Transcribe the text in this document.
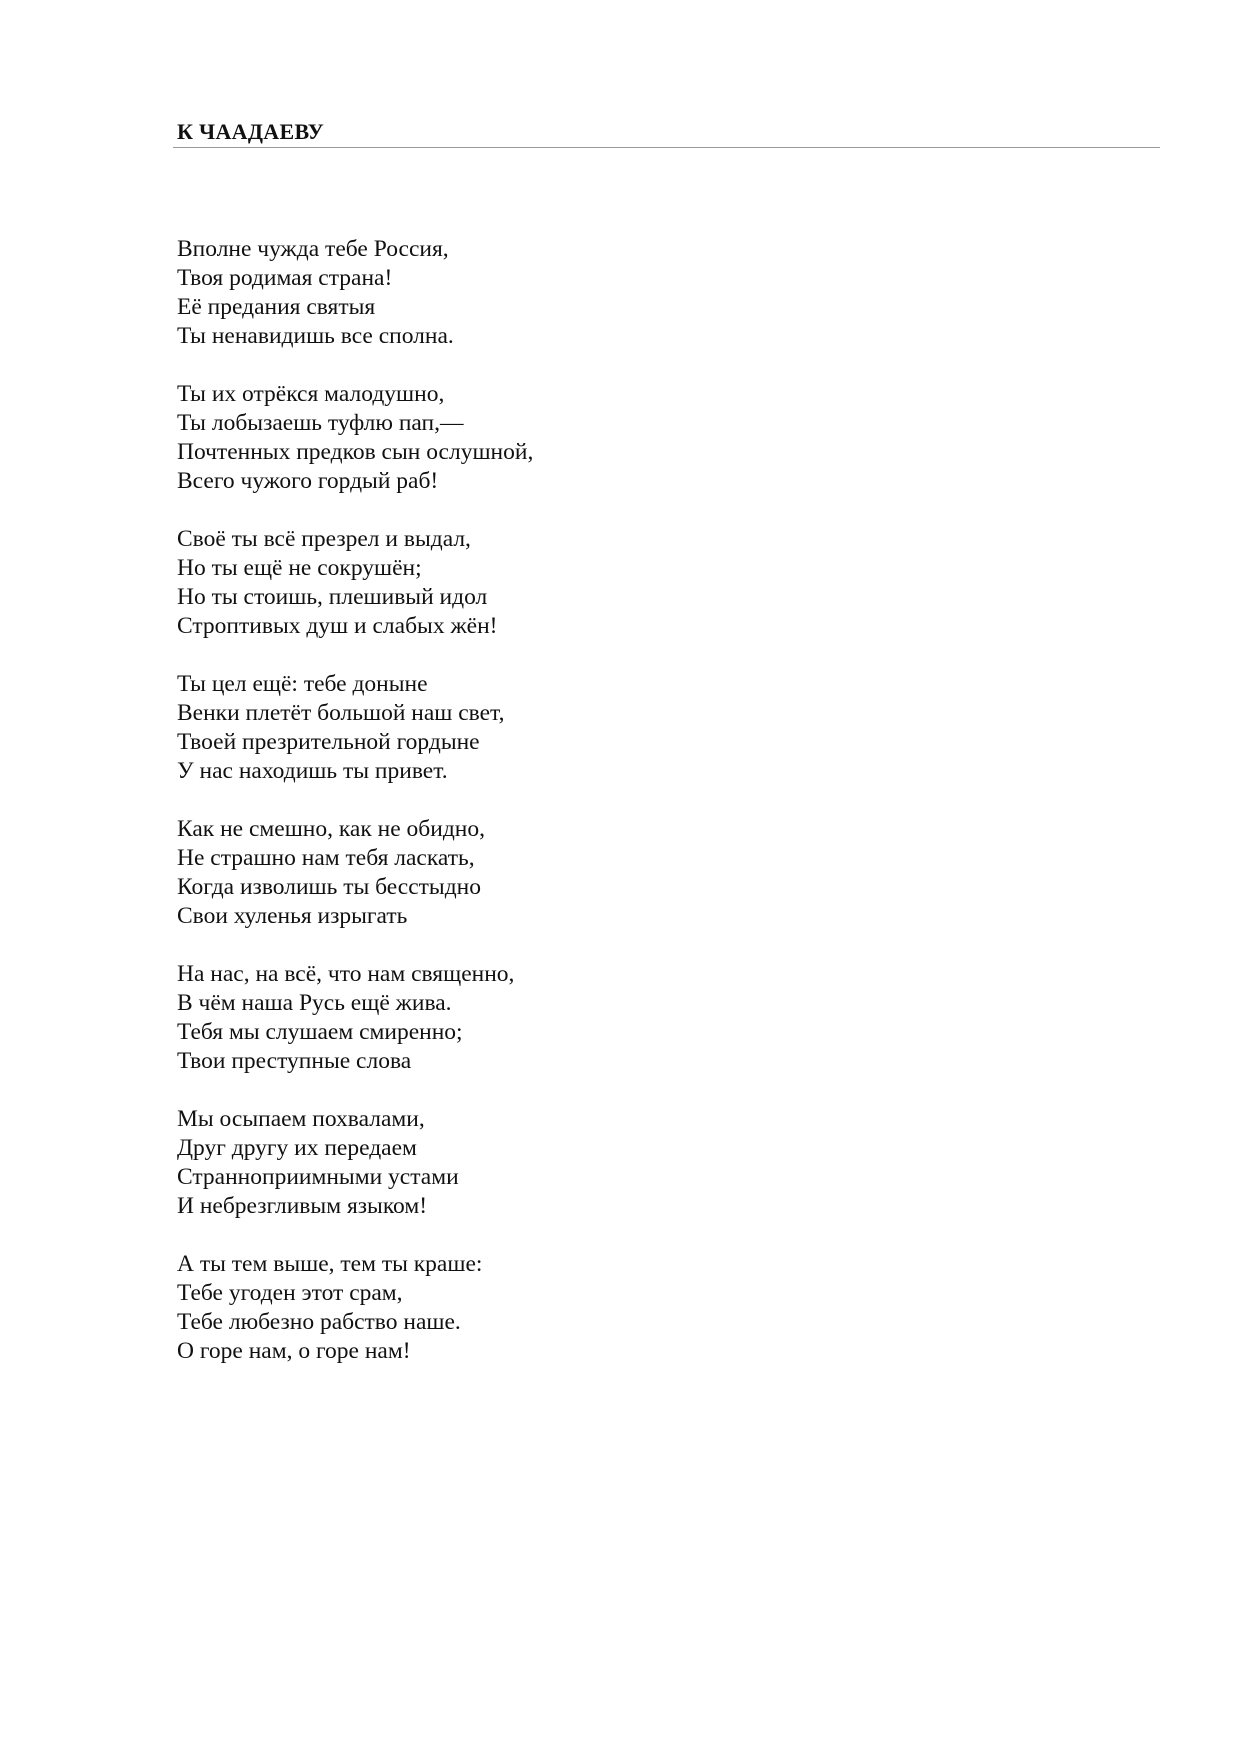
К ЧААДАЕВУ
Вполне чужда тебе Россия,
Твоя родимая страна!
Её предания святыя
Ты ненавидишь все сполна.
Ты их отрёкся малодушно,
Ты лобызаешь туфлю пап,—
Почтенных предков сын ослушной,
Всего чужого гордый раб!
Своё ты всё презрел и выдал,
Но ты ещё не сокрушён;
Но ты стоишь, плешивый идол
Строптивых душ и слабых жён!
Ты цел ещё: тебе доныне
Венки плетёт большой наш свет,
Твоей презрительной гордыне
У нас находишь ты привет.
Как не смешно, как не обидно,
Не страшно нам тебя ласкать,
Когда изволишь ты бесстыдно
Свои хуленья изрыгать
На нас, на всё, что нам священно,
В чём наша Русь ещё жива.
Тебя мы слушаем смиренно;
Твои преступные слова
Мы осыпаем похвалами,
Друг другу их передаем
Странноприимными устами
И небрезгливым языком!
А ты тем выше, тем ты краше:
Тебе угоден этот срам,
Тебе любезно рабство наше.
О горе нам, о горе нам!
